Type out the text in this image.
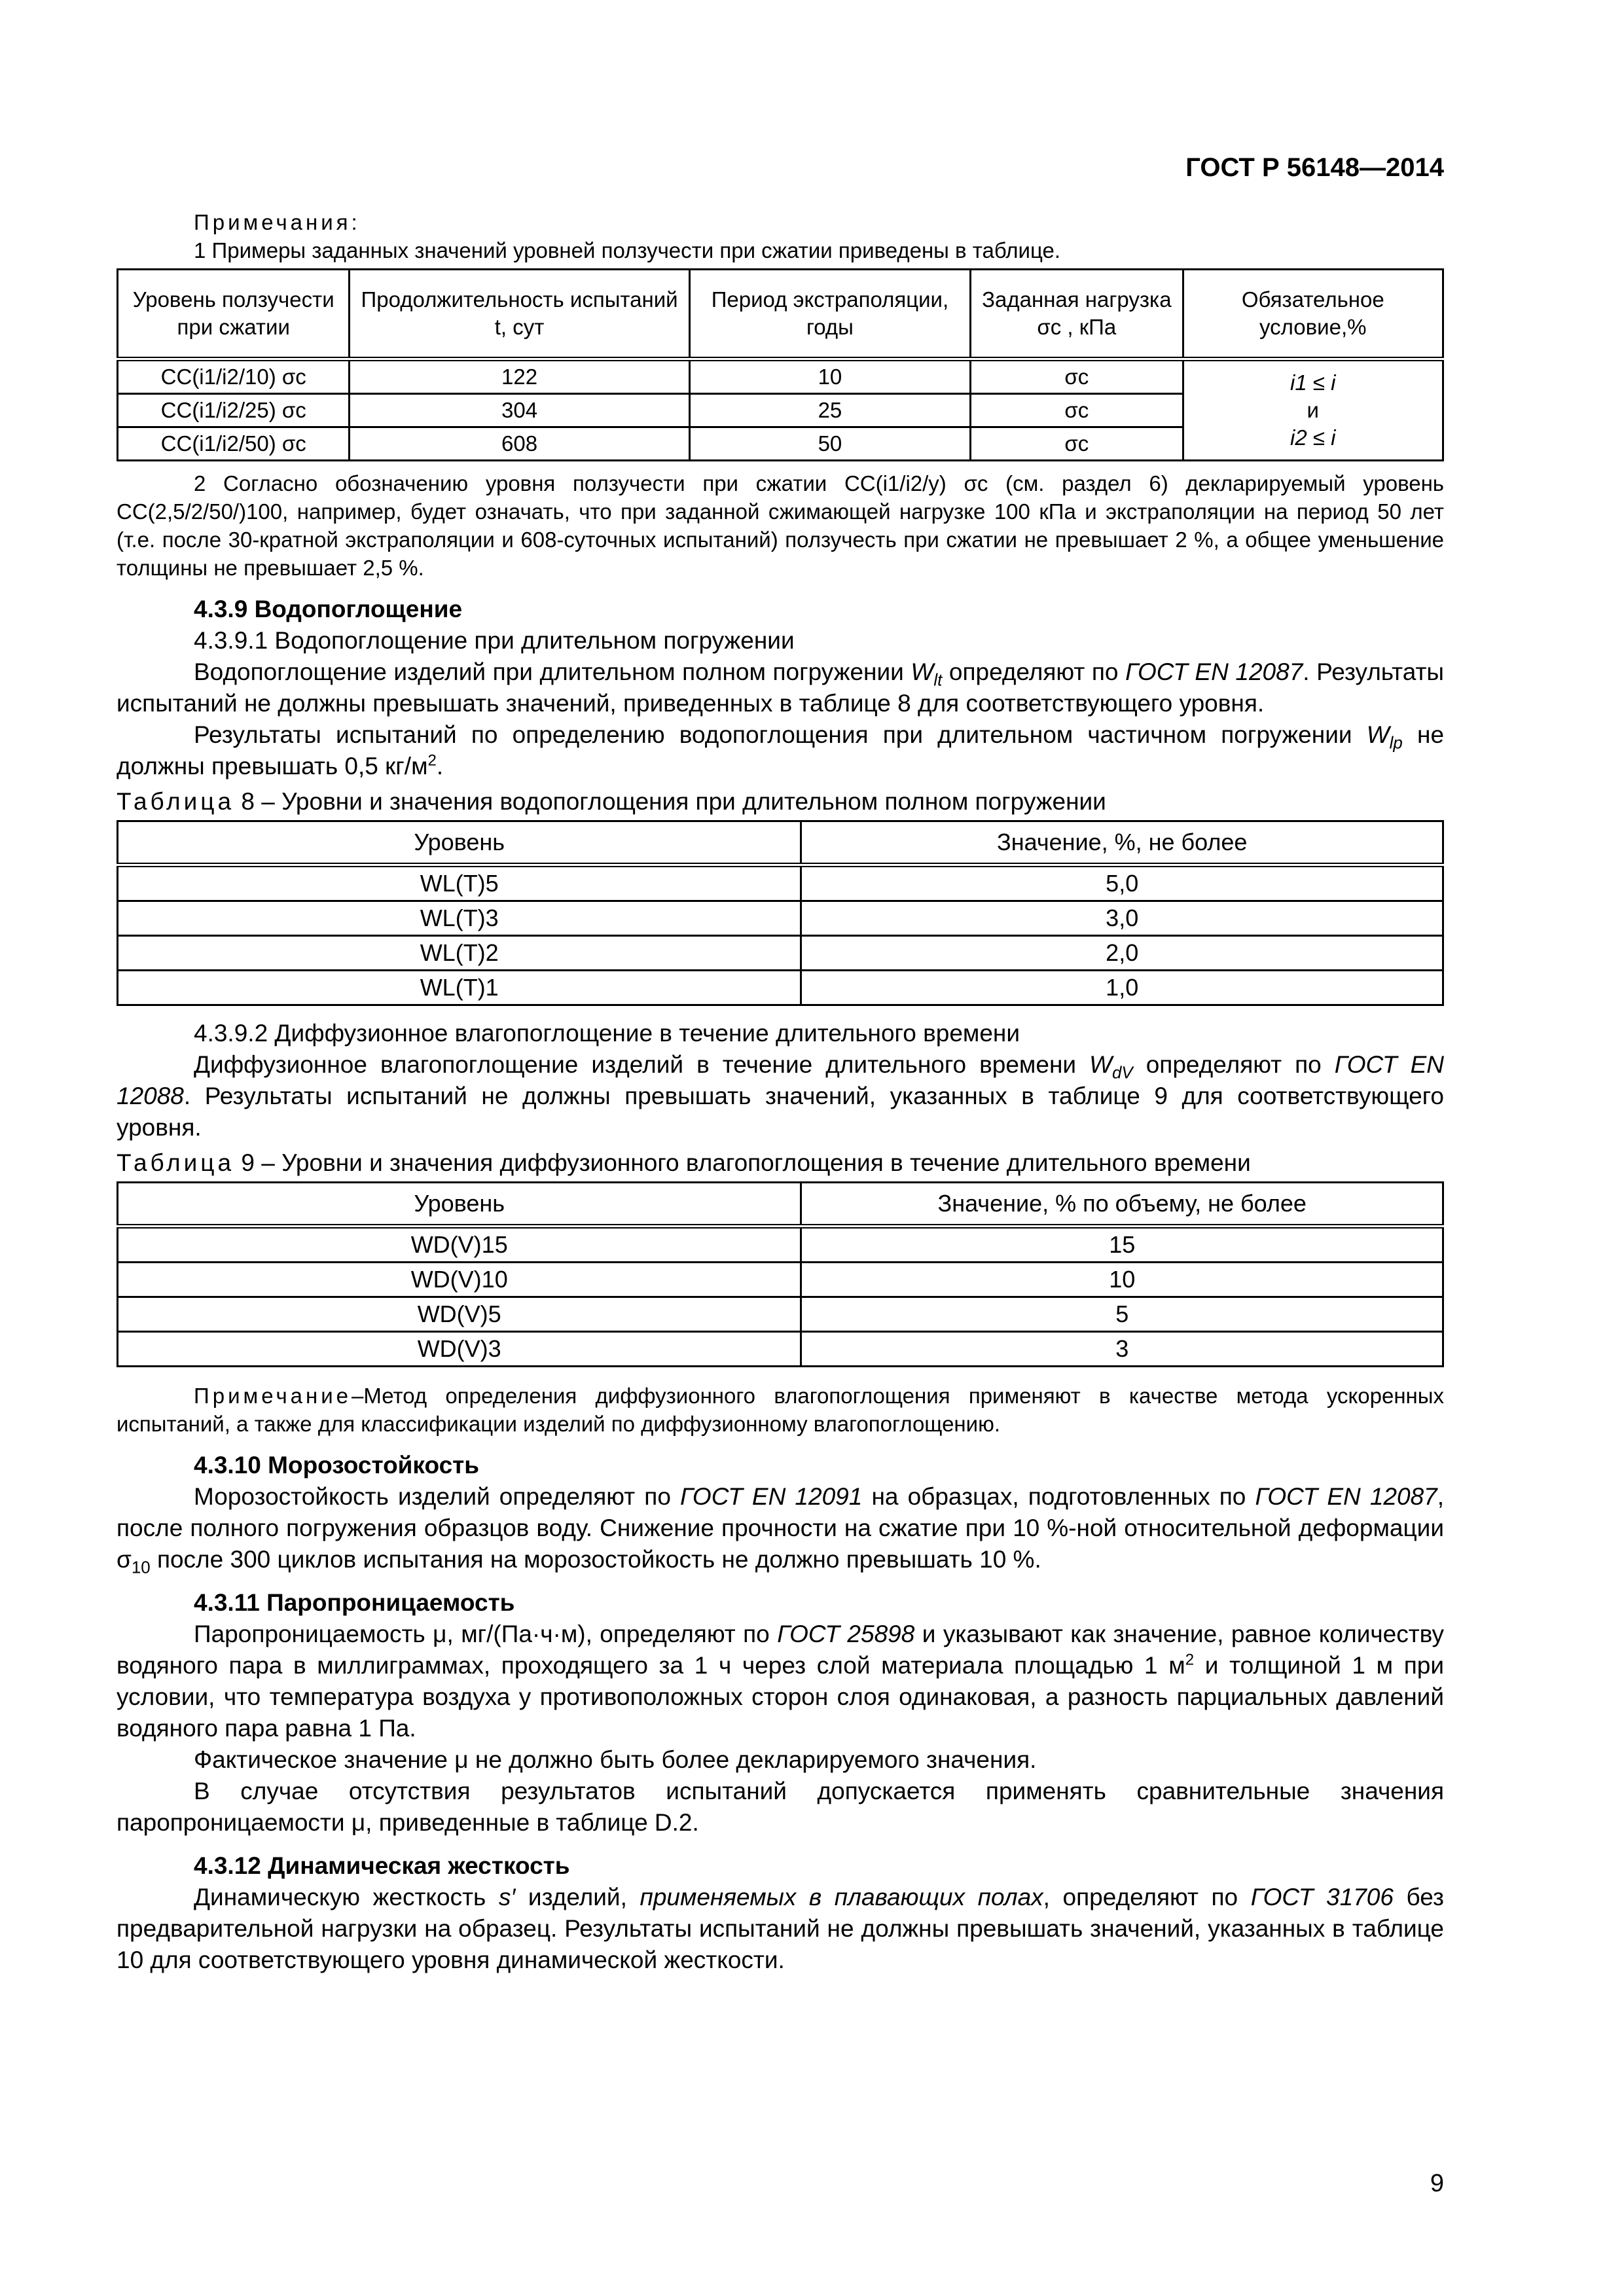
ГОСТ Р 56148—2014

Примечания:

1 Примеры заданных значений уровней ползучести при сжатии приведены в таблице.

Уровень ползучести при сжатии	Продолжительность испытаний t, сут	Период экстраполяции, годы	Заданная нагрузка σc , кПа	Обязательное условие,%
CC(i1/i2/10) σc	122	10	σc	i1 ≤ i
и
i2 ≤ i

CC(i1/i2/25) σc	304	25	σc	
CC(i1/i2/50) σc	608	50	σc	

2 Согласно обозначению уровня ползучести при сжатии CC(i1/i2/y) σc (см. раздел 6) декларируемый уровень CC(2,5/2/50/)100, например, будет означать, что при заданной сжимающей нагрузке 100 кПа и экстраполяции на период 50 лет (т.е. после 30-кратной экстраполяции и 608-суточных испытаний) ползучесть при сжатии не превышает 2 %, а общее уменьшение толщины не превышает 2,5 %.

4.3.9 Водопоглощение

4.3.9.1 Водопоглощение при длительном погружении

Водопоглощение изделий при длительном полном погружении $W_{lt}$ определяют по ГОСТ EN 12087. Результаты испытаний не должны превышать значений, приведенных в таблице 8 для соответствующего уровня.

Результаты испытаний по определению водопоглощения при длительном частичном погружении $W_{lp}$ не должны превышать 0,5 $кг/м^2$.

Таблица 8 – Уровни и значения водопоглощения при длительном полном погружении

Уровень	Значение, %, не более
WL(T)5	5,0
WL(T)3	3,0
WL(T)2	2,0
WL(T)1	1,0

4.3.9.2 Диффузионное влагопоглощение в течение длительного времени

Диффузионное влагопоглощение изделий в течение длительного времени $W_{dV}$ определяют по ГОСТ EN 12088. Результаты испытаний не должны превышать значений, указанных в таблице 9 для соответствующего уровня.

Таблица 9 – Уровни и значения диффузионного влагопоглощения в течение длительного времени

Уровень	Значение, % по объему, не более
WD(V)15	15
WD(V)10	10
WD(V)5	5
WD(V)3	3

Примечание–Метод определения диффузионного влагопоглощения применяют в качестве метода ускоренных испытаний, а также для классификации изделий по диффузионному влагопоглощению.

4.3.10 Морозостойкость

Морозостойкость изделий определяют по ГОСТ EN 12091 на образцах, подготовленных по ГОСТ EN 12087, после полного погружения образцов воду. Снижение прочности на сжатие при 10 %-ной относительной деформации $\sigma_{10}$ после 300 циклов испытания на морозостойкость не должно превышать 10 %.

4.3.11 Паропроницаемость

Паропроницаемость μ, мг/(Па·ч·м), определяют по ГОСТ 25898 и указывают как значение, равное количеству водяного пара в миллиграммах, проходящего за 1 ч через слой материала площадью 1 $м^2$ и толщиной 1 м при условии, что температура воздуха у противоположных сторон слоя одинаковая, а разность парциальных давлений водяного пара равна 1 Па.

Фактическое значение μ не должно быть более декларируемого значения.

В случае отсутствия результатов испытаний допускается применять сравнительные значения паропроницаемости μ, приведенные в таблице D.2.

4.3.12 Динамическая жесткость

Динамическую жесткость s′ изделий, применяемых в плавающих полах, определяют по ГОСТ 31706 без предварительной нагрузки на образец. Результаты испытаний не должны превышать значений, указанных в таблице 10 для соответствующего уровня динамической жесткости.

9
